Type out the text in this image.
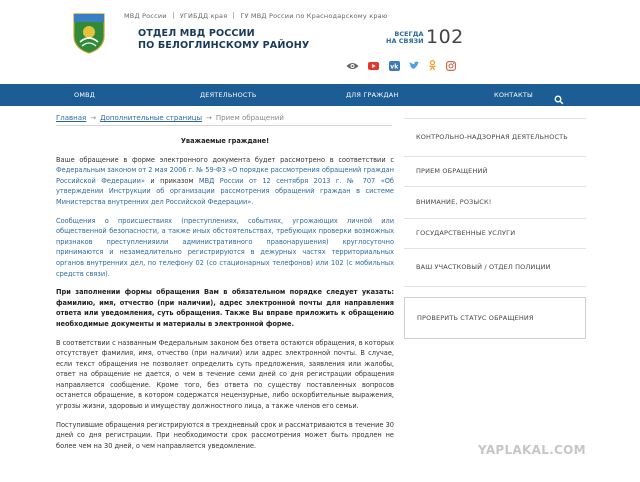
МВД России УГИБДД края ГУ МВД России по Краснодарскому краю
ОТДЕЛ МВД РОССИИ
ПО БЕЛОГЛИНСКОМУ РАЙОНУ
ВСЕГДА
НА СВЯЗИ 102
vk
ОМВД	ДЕЯТЕЛЬНОСТЬ	ДЛЯ ГРАЖДАН	КОНТАКТЫ
Главная → Дополнительные страницы → Прием обращений
Уважаемые граждане!

Ваше обращение в форме электронного документа будет рассмотрено в соответствии с Федеральным законом от 2 мая 2006 г. № 59-ФЗ «О порядке рассмотрения обращений граждан Российской Федерации» и приказом МВД России от 12 сентября 2013 г. № 707 «Об утверждении Инструкции об организации рассмотрения обращений граждан в системе Министерства внутренних дел Российской Федерации».

Сообщения о происшествиях (преступлениях, событиях, угрожающих личной или общественной безопасности, а также иных обстоятельствах, требующих проверки возможных признаков преступленияили административного правонарушения) круглосуточно принимаются и незамедлительно регистрируются в дежурных частях территориальных органов внутренних дел, по телефону 02 (со стационарных телефонов) или 102 (с мобильных средств связи).

При заполнении формы обращения Вам в обязательном порядке следует указать: фамилию, имя, отчество (при наличии), адрес электронной почты для направления ответа или уведомления, суть обращения. Также Вы вправе приложить к обращению необходимые документы и материалы в электронной форме.

В соответствии с названным Федеральным законом без ответа остаются обращения, в которых отсутствует фамилия, имя, отчество (при наличии) или адрес электронной почты. В случае, если текст обращения не позволяет определить суть предложения, заявления или жалобы, ответ на обращение не дается, о чем в течение семи дней со дня регистрации обращения направляется сообщение. Кроме того, без ответа по существу поставленных вопросов останется обращение, в котором содержатся нецензурные, либо оскорбительные выражения, угрозы жизни, здоровью и имуществу должностного лица, а также членов его семьи.

Поступившие обращения регистрируются в трехдневный срок и рассматриваются в течение 30 дней со дня регистрации. При необходимости срок рассмотрения может быть продлен не более чем на 30 дней, о чем направляется уведомление.

КОНТРОЛЬНО-НАДЗОРНАЯ ДЕЯТЕЛЬНОСТЬ
ПРИЕМ ОБРАЩЕНИЙ
ВНИМАНИЕ, РОЗЫСК!
ГОСУДАРСТВЕННЫЕ УСЛУГИ
ВАШ УЧАСТКОВЫЙ / ОТДЕЛ ПОЛИЦИИ
ПРОВЕРИТЬ СТАТУС ОБРАЩЕНИЯ
YAPLAKAL.COM
